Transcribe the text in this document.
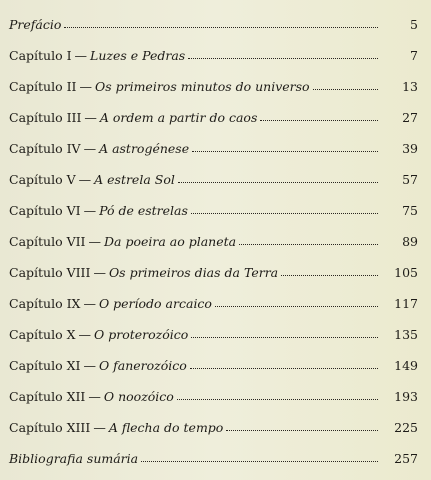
Prefácio	5
Capítulo I — Luzes e Pedras	7
Capítulo II — Os primeiros minutos do universo	13
Capítulo III — A ordem a partir do caos	27
Capítulo IV — A astrogénese	39
Capítulo V — A estrela Sol	57
Capítulo VI — Pó de estrelas	75
Capítulo VII — Da poeira ao planeta	89
Capítulo VIII — Os primeiros dias da Terra	105
Capítulo IX — O período arcaico	117
Capítulo X — O proterozóico	135
Capítulo XI — O fanerozóico	149
Capítulo XII — O noozóico	193
Capítulo XIII — A flecha do tempo	225
Bibliografia sumária	257
